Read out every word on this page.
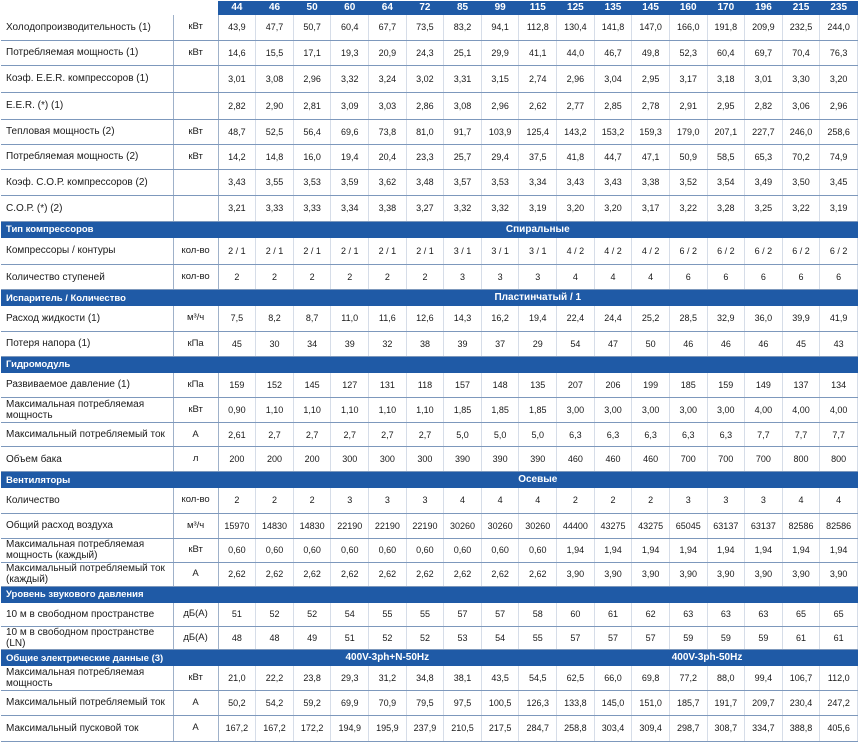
		44	46	50	60	64	72	85	99	115	125	135	145	160	170	196	215	235
Холодопроизводительность (1)	кВт	43,9	47,7	50,7	60,4	67,7	73,5	83,2	94,1	112,8	130,4	141,8	147,0	166,0	191,8	209,9	232,5	244,0
Потребляемая мощность (1)	кВт	14,6	15,5	17,1	19,3	20,9	24,3	25,1	29,9	41,1	44,0	46,7	49,8	52,3	60,4	69,7	70,4	76,3
Коэф. E.E.R. компрессоров (1)		3,01	3,08	2,96	3,32	3,24	3,02	3,31	3,15	2,74	2,96	3,04	2,95	3,17	3,18	3,01	3,30	3,20
E.E.R. (*) (1)		2,82	2,90	2,81	3,09	3,03	2,86	3,08	2,96	2,62	2,77	2,85	2,78	2,91	2,95	2,82	3,06	2,96
Тепловая мощность (2)	кВт	48,7	52,5	56,4	69,6	73,8	81,0	91,7	103,9	125,4	143,2	153,2	159,3	179,0	207,1	227,7	246,0	258,6
Потребляемая мощность (2)	кВт	14,2	14,8	16,0	19,4	20,4	23,3	25,7	29,4	37,5	41,8	44,7	47,1	50,9	58,5	65,3	70,2	74,9
Коэф. С.О.Р. компрессоров (2)		3,43	3,55	3,53	3,59	3,62	3,48	3,57	3,53	3,34	3,43	3,43	3,38	3,52	3,54	3,49	3,50	3,45
С.О.Р. (*) (2)		3,21	3,33	3,33	3,34	3,38	3,27	3,32	3,32	3,19	3,20	3,20	3,17	3,22	3,28	3,25	3,22	3,19
Тип компрессоров		Спиральные																
Компрессоры / контуры	кол-во	2 / 1	2 / 1	2 / 1	2 / 1	2 / 1	2 / 1	3 / 1	3 / 1	3 / 1	4 / 2	4 / 2	4 / 2	6 / 2	6 / 2	6 / 2	6 / 2	6 / 2
Количество ступеней	кол-во	2	2	2	2	2	2	3	3	3	4	4	4	6	6	6	6	6
Испаритель / Количество		Пластинчатый / 1																
Расход жидкости (1)	м³/ч	7,5	8,2	8,7	11,0	11,6	12,6	14,3	16,2	19,4	22,4	24,4	25,2	28,5	32,9	36,0	39,9	41,9
Потеря напора (1)	кПа	45	30	34	39	32	38	39	37	29	54	47	50	46	46	46	45	43
Гидромодуль																		
Развиваемое давление (1)	кПа	159	152	145	127	131	118	157	148	135	207	206	199	185	159	149	137	134
Максимальная потребляемая мощность	кВт	0,90	1,10	1,10	1,10	1,10	1,10	1,85	1,85	1,85	3,00	3,00	3,00	3,00	3,00	4,00	4,00	4,00
Максимальный потребляемый ток	A	2,61	2,7	2,7	2,7	2,7	2,7	5,0	5,0	5,0	6,3	6,3	6,3	6,3	6,3	7,7	7,7	7,7
Объем бака	л	200	200	200	300	300	300	390	390	390	460	460	460	700	700	700	800	800
Вентиляторы		Осевые																
Количество	кол-во	2	2	2	3	3	3	4	4	4	2	2	2	3	3	3	4	4
Общий расход воздуха	м³/ч	15970	14830	14830	22190	22190	22190	30260	30260	30260	44400	43275	43275	65045	63137	63137	82586	82586
Максимальная потребляемая мощность (каждый)	кВт	0,60	0,60	0,60	0,60	0,60	0,60	0,60	0,60	0,60	1,94	1,94	1,94	1,94	1,94	1,94	1,94	1,94
Максимальный потребляемый ток (каждый)	A	2,62	2,62	2,62	2,62	2,62	2,62	2,62	2,62	2,62	3,90	3,90	3,90	3,90	3,90	3,90	3,90	3,90
Уровень звукового давления																		
10 м в свободном пространстве	дБ(A)	51	52	52	54	55	55	57	57	58	60	61	62	63	63	63	65	65
10 м в свободном пространстве (LN)	дБ(A)	48	48	49	51	52	52	53	54	55	57	57	57	59	59	59	61	61
Общие электрические данные (3)		400V-3ph+N-50Hz									400V-3ph-50Hz							
Максимальная потребляемая мощность	кВт	21,0	22,2	23,8	29,3	31,2	34,8	38,1	43,5	54,5	62,5	66,0	69,8	77,2	88,0	99,4	106,7	112,0
Максимальный потребляемый ток	A	50,2	54,2	59,2	69,9	70,9	79,5	97,5	100,5	126,3	133,8	145,0	151,0	185,7	191,7	209,7	230,4	247,2
Максимальный пусковой ток	A	167,2	167,2	172,2	194,9	195,9	237,9	210,5	217,5	284,7	258,8	303,4	309,4	298,7	308,7	334,7	388,8	405,6
